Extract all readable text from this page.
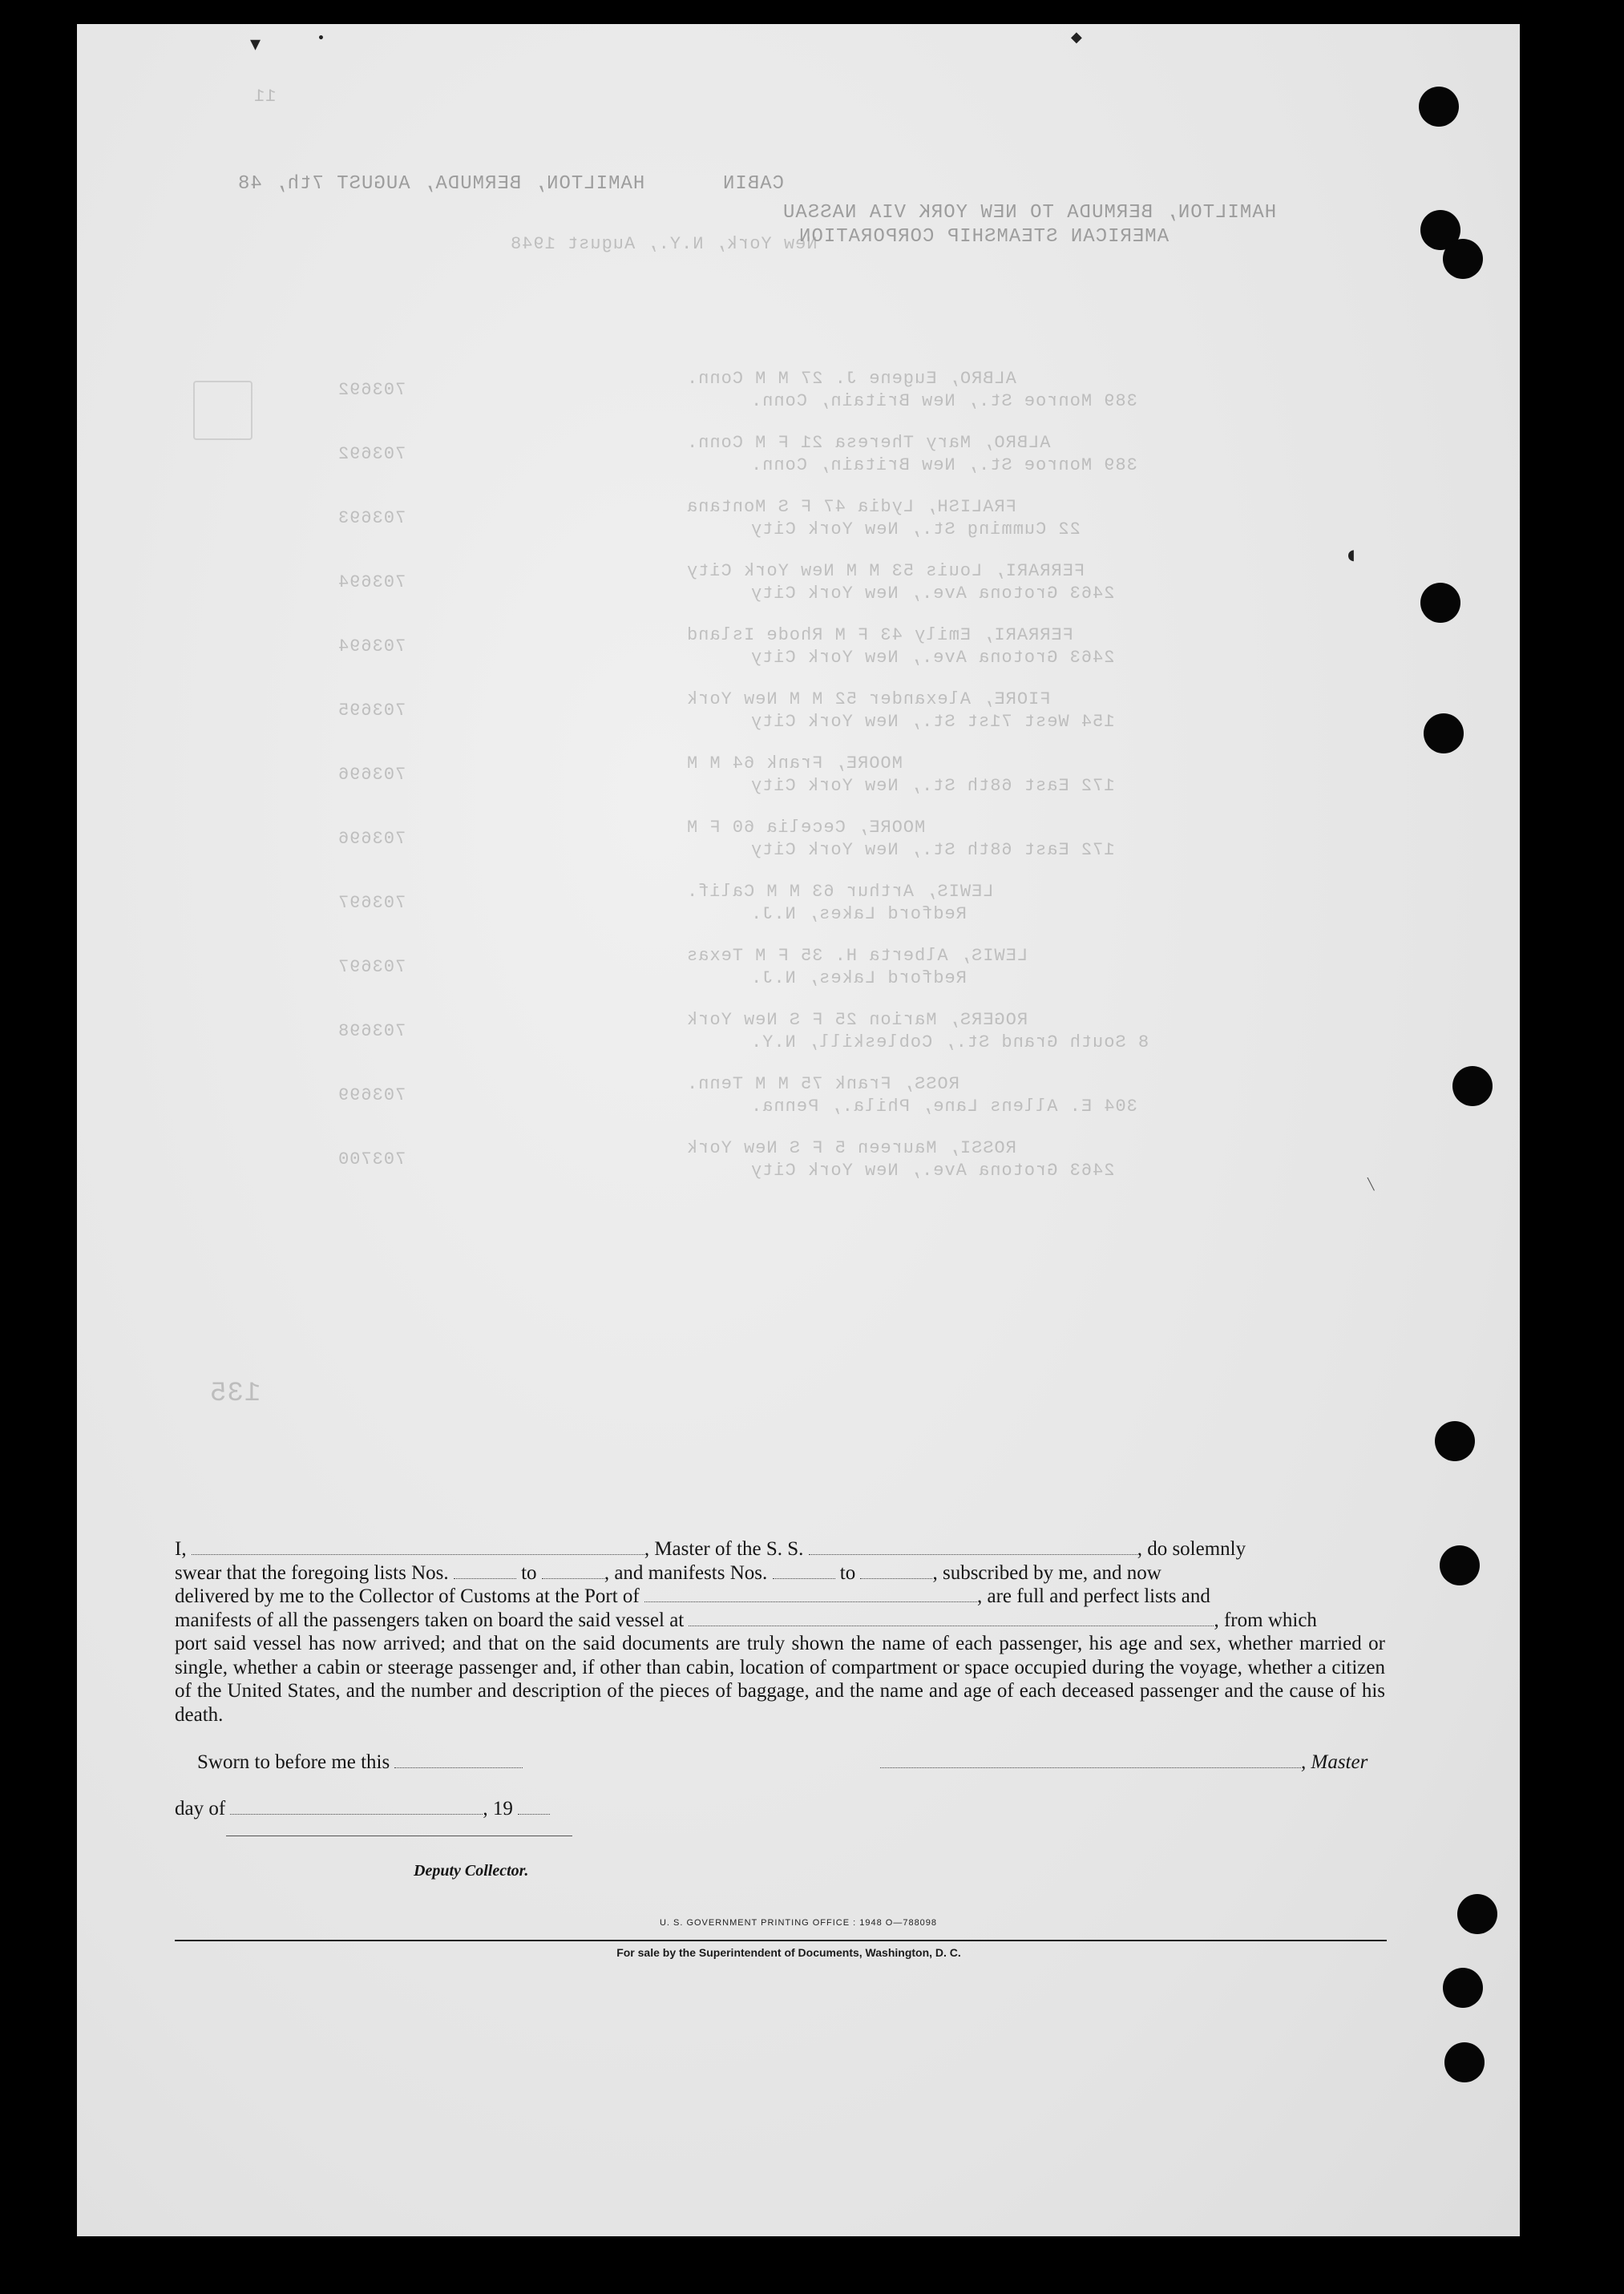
HAMILTON, BERMUDA, AUGUST 7th, 48	CABIN
HAMILTON, BERMUDA TO NEW YORK VIA NASSAU
AMERICAN STEAMSHIP CORPORATION
New York, N.Y., August 1948
11
ALBRO, Eugene J. 27 M M Conn.
389 Monroe St., New Britain, Conn.
703692
ALBRO, Mary Theresa 21 F M Conn.
389 Monroe St., New Britain, Conn.
703692
FRALISH, Lydia 47 F S Montana
22 Cumming St., New York City
703693
FERRARI, Louis 53 M M New York City
2463 Grotona Ave., New York City
703694
FERRARI, Emily 43 F M Rhode Island
2463 Grotona Ave., New York City
703694
FIORE, Alexander 52 M M New York
154 West 71st St., New York City
703695
MOORE, Frank 64 M M
172 East 68th St., New York City
703696
MOORE, Cecelia 60 F M
172 East 68th St., New York City
703696
LEWIS, Arthur 63 M M Calif.
Redford Lakes, N.J.
703697
LEWIS, Alberta H. 35 F M Texas
Redford Lakes, N.J.
703697
ROGERS, Marion 25 F S New York
8 South Grand St., Cobleskill, N.Y.
703698
ROSS, Frank 75 M M Tenn.
304 E. Allens Lane, Phila., Penna.
703699
ROSSI, Maureen 5 F S New York
2463 Grotona Ave., New York City
703700
135
▾	•	◆
◖
╲
I,	, Master of the S. S.	, do solemnly
swear that the foregoing lists Nos.	to	, and manifests Nos.	to	, subscribed by me, and now
delivered by me to the Collector of Customs at the Port of	, are full and perfect lists and
manifests of all the passengers taken on board the said vessel at	, from which
port said vessel has now arrived; and that on the said documents are truly shown the name of each passenger, his age and sex, whether married or single, whether a cabin or steerage passenger and, if other than cabin, location of compartment or space occupied during the voyage, whether a citizen of the United States, and the number and description of the pieces of baggage, and the name and age of each deceased passenger and the cause of his death.
Sworn to before me this	, Master
day of	, 19
Deputy Collector.
U. S. GOVERNMENT PRINTING OFFICE : 1948 O—788098
For sale by the Superintendent of Documents, Washington, D. C.
